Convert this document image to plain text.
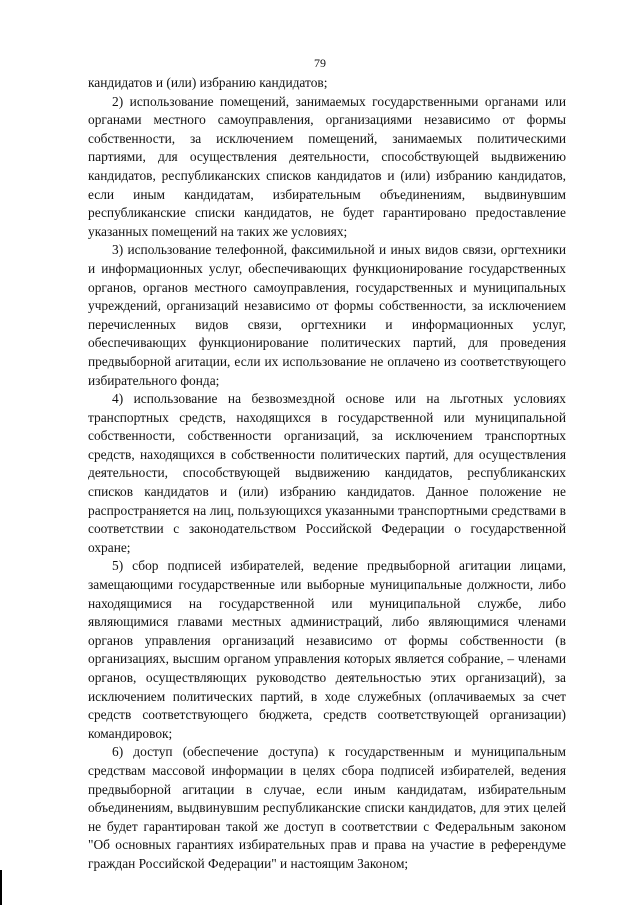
79

кандидатов и (или) избранию кандидатов;

2) использование помещений, занимаемых государственными органами или органами местного самоуправления, организациями независимо от формы собственности, за исключением помещений, занимаемых политическими партиями, для осуществления деятельности, способствующей выдвижению кандидатов, республиканских списков кандидатов и (или) избранию кандидатов, если иным кандидатам, избирательным объединениям, выдвинувшим республиканские списки кандидатов, не будет гарантировано предоставление указанных помещений на таких же условиях;

3) использование телефонной, факсимильной и иных видов связи, оргтехники и информационных услуг, обеспечивающих функционирование государственных органов, органов местного самоуправления, государственных и муниципальных учреждений, организаций независимо от формы собственности, за исключением перечисленных видов связи, оргтехники и информационных услуг, обеспечивающих функционирование политических партий, для проведения предвыборной агитации, если их использование не оплачено из соответствующего избирательного фонда;

4) использование на безвозмездной основе или на льготных условиях транспортных средств, находящихся в государственной или муниципальной собственности, собственности организаций, за исключением транспортных средств, находящихся в собственности политических партий, для осуществления деятельности, способствующей выдвижению кандидатов, республиканских списков кандидатов и (или) избранию кандидатов. Данное положение не распространяется на лиц, пользующихся указанными транспортными средствами в соответствии с законодательством Российской Федерации о государственной охране;

5) сбор подписей избирателей, ведение предвыборной агитации лицами, замещающими государственные или выборные муниципальные должности, либо находящимися на государственной или муниципальной службе, либо являющимися главами местных администраций, либо являющимися членами органов управления организаций независимо от формы собственности (в организациях, высшим органом управления которых является собрание, – членами органов, осуществляющих руководство деятельностью этих организаций), за исключением политических партий, в ходе служебных (оплачиваемых за счет средств соответствующего бюджета, средств соответствующей организации) командировок;

6) доступ (обеспечение доступа) к государственным и муниципальным средствам массовой информации в целях сбора подписей избирателей, ведения предвыборной агитации в случае, если иным кандидатам, избирательным объединениям, выдвинувшим республиканские списки кандидатов, для этих целей не будет гарантирован такой же доступ в соответствии с Федеральным законом "Об основных гарантиях избирательных прав и права на участие в референдуме граждан Российской Федерации" и настоящим Законом;
